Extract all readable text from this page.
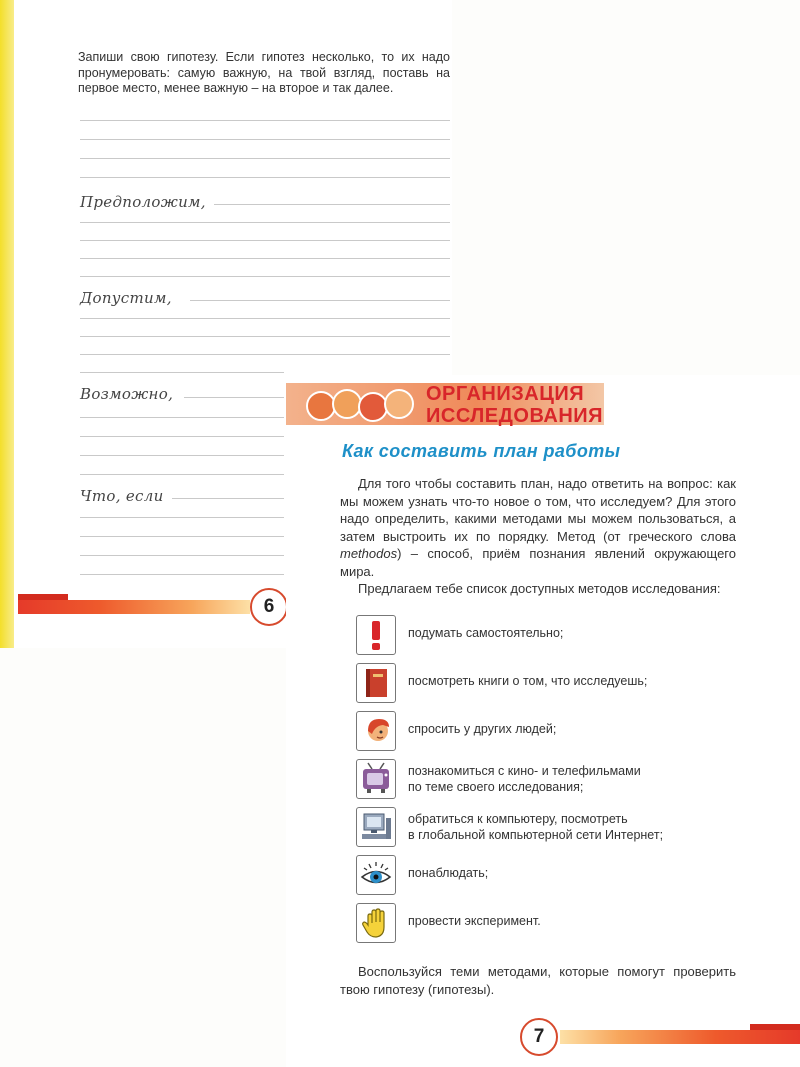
Запиши свою гипотезу. Если гипотез несколько, то их надо пронумеровать: самую важную, на твой взгляд, поставь на первое место, менее важную – на второе и так далее.
Предположим,
Допустим,
Возможно,
Что, если
6
ОРГАНИЗАЦИЯ
ИССЛЕДОВАНИЯ
Как составить план работы

Для того чтобы составить план, надо ответить на вопрос: как мы можем узнать что-то новое о том, что исследуем? Для этого надо определить, какими методами мы можем пользоваться, а затем выстроить их по порядку. Метод (от греческого слова methodos) – способ, приём познания явлений окружающего мира.

Предлагаем тебе список доступных методов исследования:

подумать самостоятельно;
посмотреть книги о том, что исследуешь;
спросить у других людей;
познакомиться с кино- и телефильмами
по теме своего исследования;
обратиться к компьютеру, посмотреть
в глобальной компьютерной сети Интернет;
понаблюдать;
провести эксперимент.
Воспользуйся теми методами, которые помогут проверить твою гипотезу (гипотезы).
7
